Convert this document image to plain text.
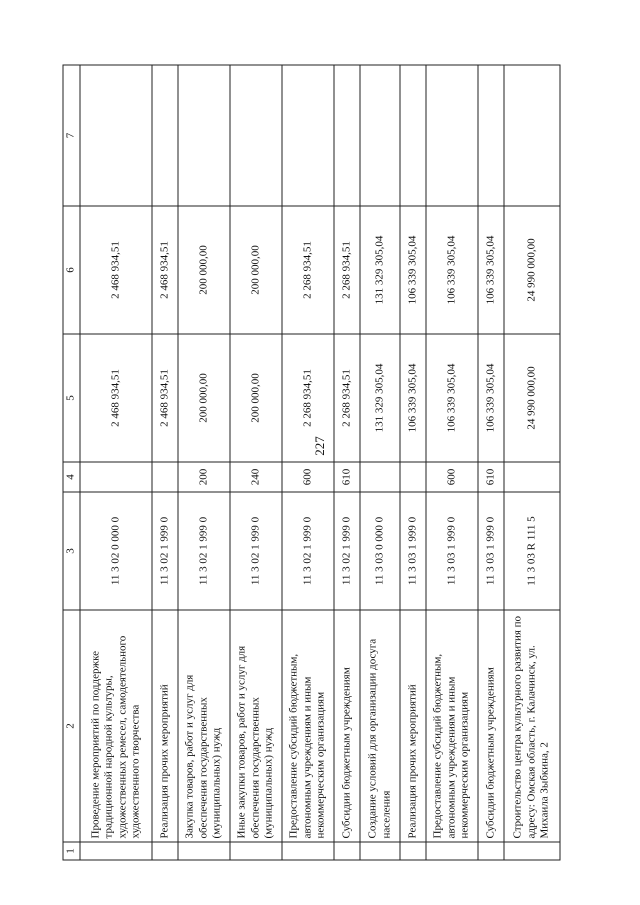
227
1	2	3	4	5	6	7
	Проведение мероприятий по поддержке традиционной народной культуры, художественных ремесел, самодеятельного художественного творчества	11 3 02 0 000 0		2 468 934,51	2 468 934,51	
	Реализация прочих мероприятий	11 3 02 1 999 0		2 468 934,51	2 468 934,51	
	Закупка товаров, работ и услуг для обеспечения государственных (муниципальных) нужд	11 3 02 1 999 0	200	200 000,00	200 000,00	
	Иные закупки товаров, работ и услуг для обеспечения государственных (муниципальных) нужд	11 3 02 1 999 0	240	200 000,00	200 000,00	
	Предоставление субсидий бюджетным, автономным учреждениям и иным некоммерческим организациям	11 3 02 1 999 0	600	2 268 934,51	2 268 934,51	
	Субсидии бюджетным учреждениям	11 3 02 1 999 0	610	2 268 934,51	2 268 934,51	
	Создание условий для организации досуга населения	11 3 03 0 000 0		131 329 305,04	131 329 305,04	
	Реализация прочих мероприятий	11 3 03 1 999 0		106 339 305,04	106 339 305,04	
	Предоставление субсидий бюджетным, автономным учреждениям и иным некоммерческим организациям	11 3 03 1 999 0	600	106 339 305,04	106 339 305,04	
	Субсидии бюджетным учреждениям	11 3 03 1 999 0	610	106 339 305,04	106 339 305,04	
	Строительство центра культурного развития по адресу: Омская область, г. Калачинск, ул. Михаила Зыбкина, 2	11 3 03 R 111 5		24 990 000,00	24 990 000,00	
